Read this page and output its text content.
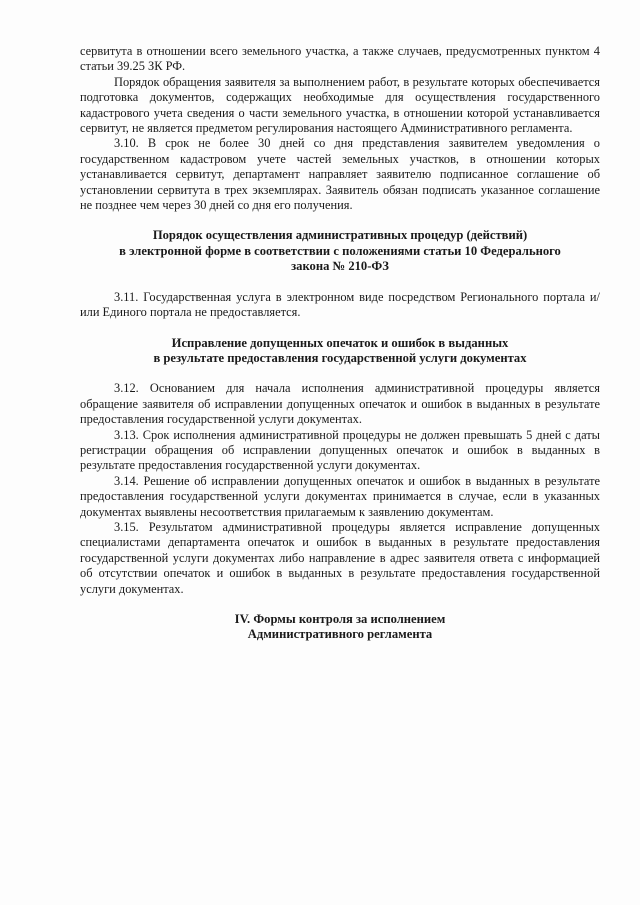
сервитута в отношении всего земельного участка, а также случаев, предусмотренных пунктом 4 статьи 39.25 ЗК РФ.

Порядок обращения заявителя за выполнением работ, в результате которых обеспечивается подготовка документов, содержащих необходимые для осуществления государственного кадастрового учета сведения о части земельного участка, в отношении которой устанавливается сервитут, не является предметом регулирования настоящего Административного регламента.

3.10. В срок не более 30 дней со дня представления заявителем уведомления о государственном кадастровом учете частей земельных участков, в отношении которых устанавливается сервитут, департамент направляет заявителю подписанное соглашение об установлении сервитута в трех экземплярах. Заявитель обязан подписать указанное соглашение не позднее чем через 30 дней со дня его получения.

Порядок осуществления административных процедур (действий)
в электронной форме в соответствии с положениями статьи 10 Федерального
закона № 210-ФЗ

3.11. Государственная услуга в электронном виде посредством Регионального портала и/или Единого портала не предоставляется.

Исправление допущенных опечаток и ошибок в выданных
в результате предоставления государственной услуги документах

3.12. Основанием для начала исполнения административной процедуры является обращение заявителя об исправлении допущенных опечаток и ошибок в выданных в результате предоставления государственной услуги документах.

3.13. Срок исполнения административной процедуры не должен превышать 5 дней с даты регистрации обращения об исправлении допущенных опечаток и ошибок в выданных в результате предоставления государственной услуги документах.

3.14. Решение об исправлении допущенных опечаток и ошибок в выданных в результате предоставления государственной услуги документах принимается в случае, если в указанных документах выявлены несоответствия прилагаемым к заявлению документам.

3.15. Результатом административной процедуры является исправление допущенных специалистами департамента опечаток и ошибок в выданных в результате предоставления государственной услуги документах либо направление в адрес заявителя ответа с информацией об отсутствии опечаток и ошибок в выданных в результате предоставления государственной услуги документах.

IV. Формы контроля за исполнением
Административного регламента
